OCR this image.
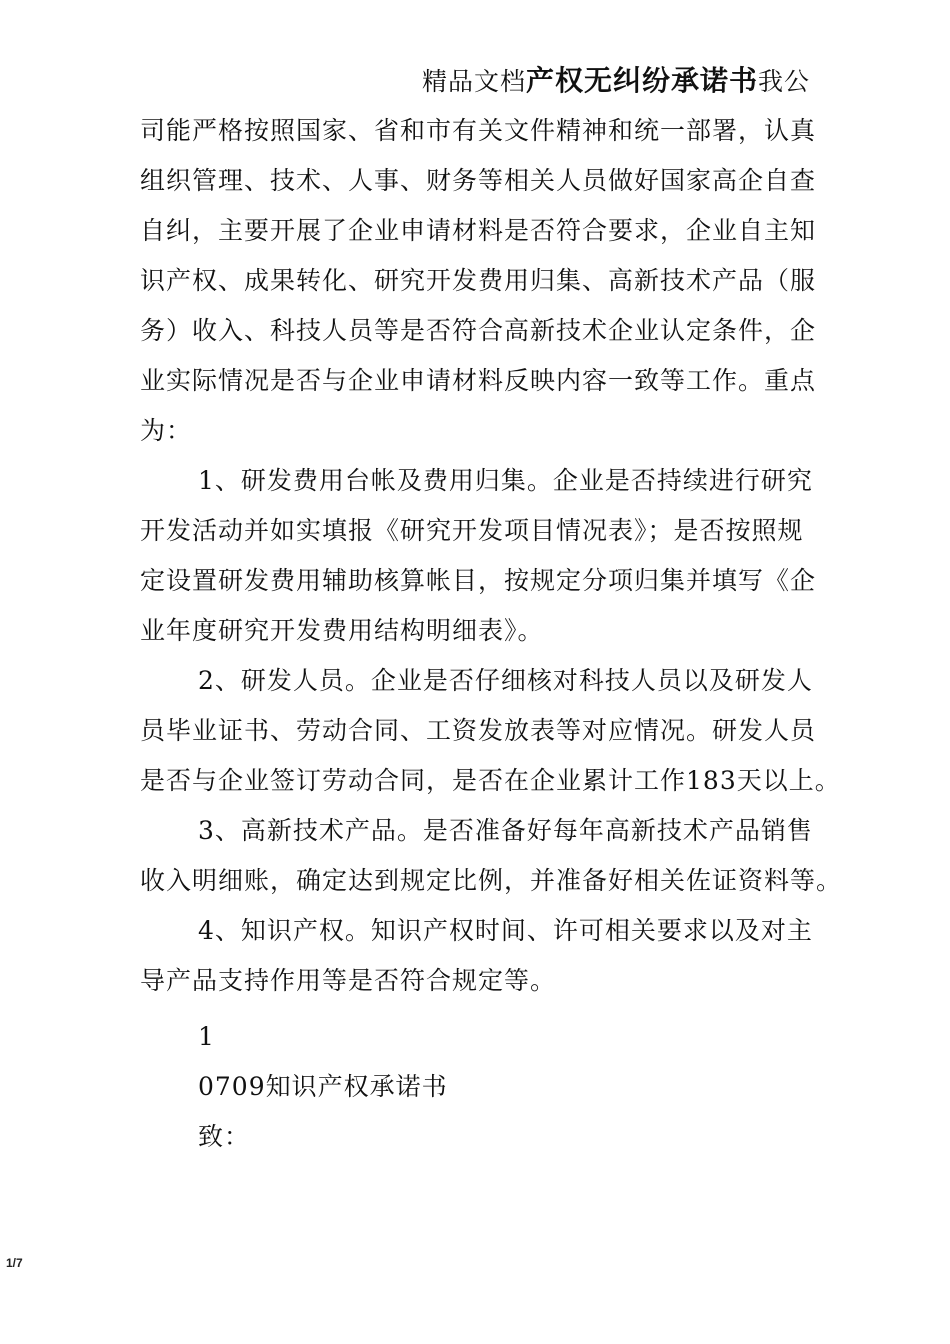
精品文档产权无纠纷承诺书我公
司能严格按照国家、省和市有关文件精神和统一部署，认真
组织管理、技术、人事、财务等相关人员做好国家高企自查
自纠，主要开展了企业申请材料是否符合要求，企业自主知
识产权、成果转化、研究开发费用归集、高新技术产品（服
务）收入、科技人员等是否符合高新技术企业认定条件，企
业实际情况是否与企业申请材料反映内容一致等工作。重点
为：
1、研发费用台帐及费用归集。企业是否持续进行研究
开发活动并如实填报《研究开发项目情况表》；是否按照规
定设置研发费用辅助核算帐目，按规定分项归集并填写《企
业年度研究开发费用结构明细表》。
2、研发人员。企业是否仔细核对科技人员以及研发人
员毕业证书、劳动合同、工资发放表等对应情况。研发人员
是否与企业签订劳动合同，是否在企业累计工作183天以上。
3、高新技术产品。是否准备好每年高新技术产品销售
收入明细账，确定达到规定比例，并准备好相关佐证资料等。
4、知识产权。知识产权时间、许可相关要求以及对主
导产品支持作用等是否符合规定等。
1
0709知识产权承诺书
致：
1/7
